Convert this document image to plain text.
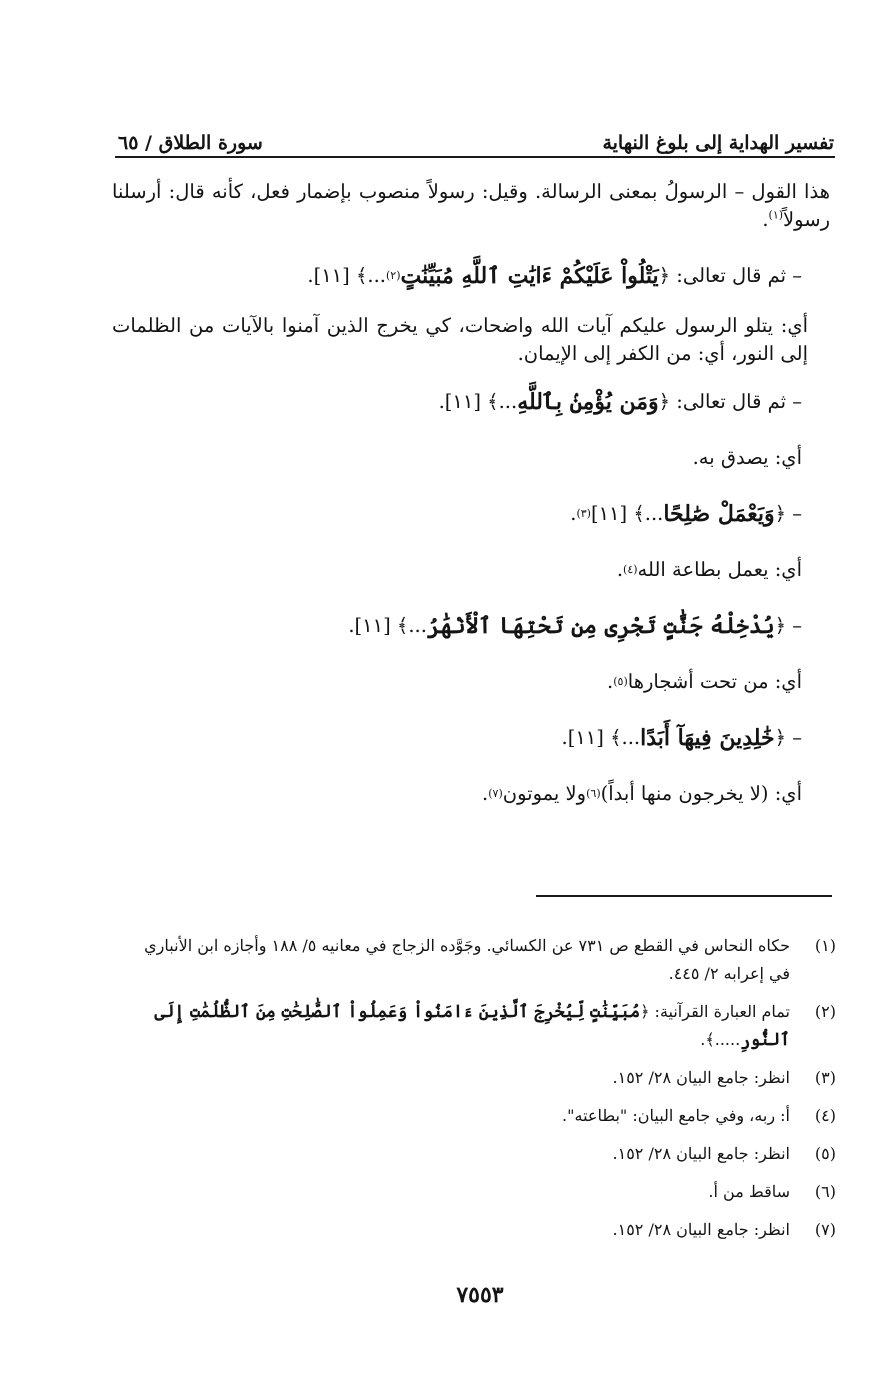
تفسير الهداية إلى بلوغ النهاية
سورة الطلاق / ٦٥

هذا القول – الرسولُ بمعنى الرسالة. وقيل: رسولاً منصوب بإضمار فعل، كأنه قال: أرسلنا رسولاً$^{(١)}$.

– ثم قال تعالى: ﴿
يَتْلُواْ عَلَيْكُمْ ءَايَٰتِ ٱللَّهِ مُبَيِّنَٰتٍ
(٢)
...﴾ [١١].

أي: يتلو الرسول عليكم آيات الله واضحات، كي يخرج الذين آمنوا بالآيات من الظلمات إلى النور، أي: من الكفر إلى الإيمان.

– ثم قال تعالى: ﴿
وَمَن يُؤْمِنۢ بِٱللَّهِ
...﴾ [١١].
أي: يصدق به.
– ﴿
وَيَعْمَلْ صَٰلِحًا
...﴾ [١١]
(٣)
.
أي: يعمل بطاعة الله
(٤)
.
– ﴿
يُدْخِلْهُ جَنَّٰتٍ تَجْرِى مِن تَحْتِهَا ٱلْأَنْهَٰرُ
...﴾ [١١].
أي: من تحت أشجارها
(٥)
.
– ﴿
خَٰلِدِينَ فِيهَآ أَبَدًا
...﴾ [١١].
أي: (لا يخرجون منها أبداً)
(٦)
ولا يموتون
(٧)
.
(١)
حكاه النحاس في القطع ص ٧٣١ عن الكسائي. وجَوَّده الزجاج في معانيه ٥/ ١٨٨ وأجازه ابن الأنباري في إعرابه ٢/ ٤٤٥.
(٢)
تمام العبارة القرآنية: ﴿مُبَيِّنَٰتٍ لِّيُخْرِجَ ٱلَّذِينَ ءَامَنُواْ وَعَمِلُواْ ٱلصَّٰلِحَٰتِ مِنَ ٱلظُّلُمَٰتِ إِلَى ٱلنُّورِ.....﴾.
(٣)
انظر: جامع البيان ٢٨/ ١٥٢.
(٤)
أ: ربه، وفي جامع البيان: "بطاعته".
(٥)
انظر: جامع البيان ٢٨/ ١٥٢.
(٦)
ساقط من أ.
(٧)
انظر: جامع البيان ٢٨/ ١٥٢.
٧٥٥٣
